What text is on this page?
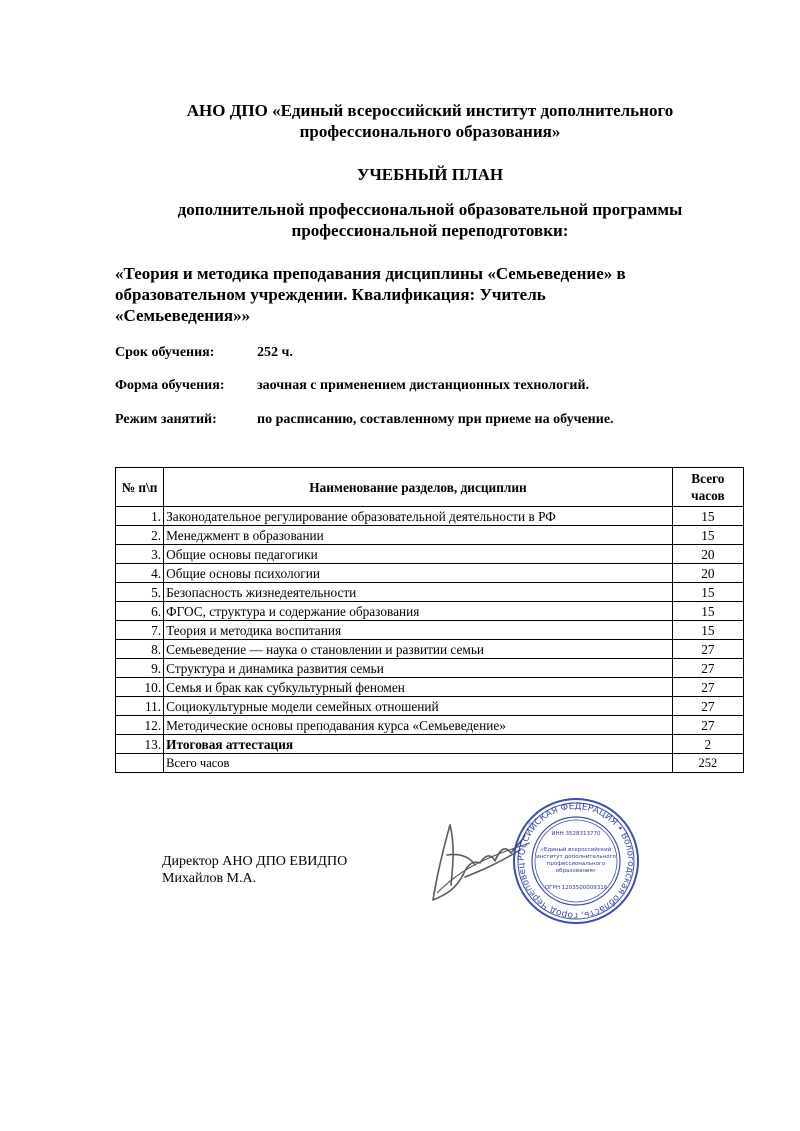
АНО ДПО «Единый всероссийский институт дополнительного
профессионального образования»
УЧЕБНЫЙ ПЛАН
дополнительной профессиональной образовательной программы
профессиональной переподготовки:
«Теория и методика преподавания дисциплины «Семьеведение» в
образовательном учреждении. Квалификация: Учитель
«Семьеведения»»
Срок обучения:	252 ч.
Форма обучения: заочная с применением дистанционных технологий.
Режим занятий:	по расписанию, составленному при приеме на обучение.
№ п\п	Наименование разделов, дисциплин	Всего
часов

1.	Законодательное регулирование образовательной деятельности в РФ	15
2.	Менеджмент в образовании	15
3.	Общие основы педагогики	20
4.	Общие основы психологии	20
5.	Безопасность жизнедеятельности	15
6.	ФГОС, структура и содержание образования	15
7.	Теория и методика воспитания	15
8.	Семьеведение — наука о становлении и развитии семьи	27
9.	Структура и динамика развития семьи	27
10.	Семья и брак как субкультурный феномен	27
11.	Социокультурные модели семейных отношений	27
12.	Методические основы преподавания курса «Семьеведение»	27
13.	Итоговая аттестация	2
	Всего часов	252
Директор АНО ДПО ЕВИДПО
Михайлов М.А.
РОССИЙСКАЯ ФЕДЕРАЦИЯ • Вологодская область, город Череповец
ИНН 3528313770
«Единый всероссийский
институт дополнительного
профессионального
образования»
ОГРН 1203500009316
